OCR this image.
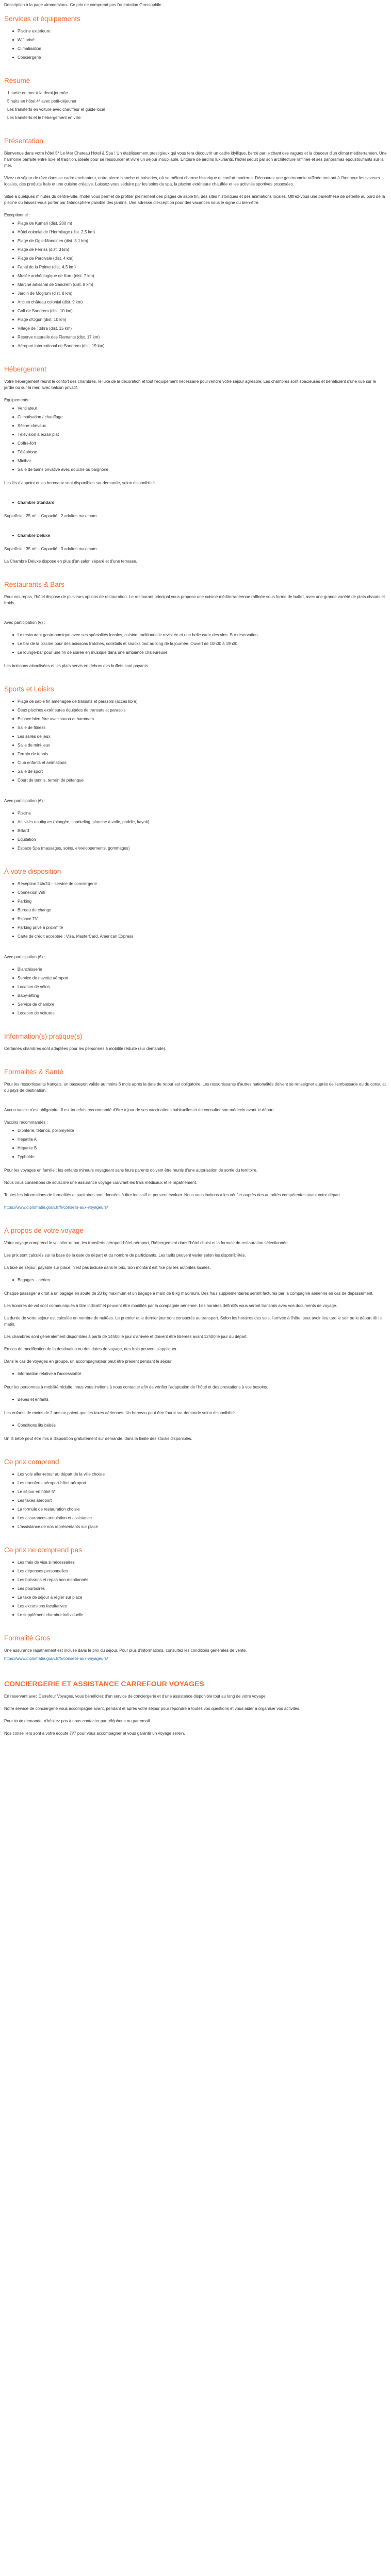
Description à la page «immersion». Ce prix ne comprend pas l'orientation Grossophile
Services et équipements
Piscine extérieure
Wifi privé
Climatisation
Conciergerie
Résumé
1 sortie en mer à la demi-journée
5 nuits en hôtel 4* avec petit-déjeuner
Les transferts en voiture avec chauffeur et guide local
Les transferts et le hébergement en ville
Présentation
Bienvenue dans votre hôtel 5* Le Mer Chateau Hotel & Spa ! Un établissement prestigieux qui vous fera découvrir un cadre idyllique, bercé par le chant des vagues et la douceur d'un climat méditerranéen. Une harmonie parfaite entre luxe et tradition, idéale pour se ressourcer et vivre un séjour inoubliable. Entouré de jardins luxuriants, l'hôtel séduit par son architecture raffinée et ses panoramas époustouflants sur la mer.
Vivez un séjour de rêve dans ce cadre enchanteur, entre pierre blanche et boiseries, où se mêlent charme historique et confort moderne. Découvrez une gastronomie raffinée mettant à l'honneur les saveurs locales, des produits frais et une cuisine créative. Laissez-vous séduire par les soins du spa, la piscine extérieure chauffée et les activités sportives proposées.
Situé à quelques minutes du centre-ville, l'hôtel vous permet de profiter pleinement des plages de sable fin, des sites historiques et des animations locales. Offrez-vous une parenthèse de détente au bord de la piscine ou laissez-vous porter par l'atmosphère paisible des jardins. Une adresse d'exception pour des vacances sous le signe du bien-être.
Exceptionnel :
Plage de Kumari (dist. 200 m)
Hôtel colonial de l'Hermitage (dist. 2,5 km)
Plage de Ogle-Mandinen (dist. 3,1 km)
Plage de Ferriss (dist. 3 km)
Plage de Percivale (dist. 4 km)
Fanal de la Pointe (dist. 4,5 km)
Musée archéologique de Kuru (dist. 7 km)
Marché artisanal de Sandrem (dist. 8 km)
Jardin de Mogrum (dist. 8 km)
Ancien château colonial (dist. 9 km)
Golf de Sandrem (dist. 10 km)
Plage d'Ogun (dist. 10 km)
Village de Tzikra (dist. 15 km)
Réserve naturelle des Flamants (dist. 17 km)
Aéroport international de Sandrem (dist. 19 km)
Hébergement
Votre hébergement réunit le confort des chambres, le luxe de la décoration et tout l'équipement nécessaire pour rendre votre séjour agréable. Les chambres sont spacieuses et bénéficient d'une vue sur le jardin ou sur la mer, avec balcon privatif.
Équipements :
Ventilateur
Climatisation / chauffage
Sèche-cheveux
Télévision à écran plat
Coffre-fort
Téléphone
Minibar
Salle de bains privative avec douche ou baignoire
Les lits d'appoint et les berceaux sont disponibles sur demande, selon disponibilité.
Chambre Standard
Superficie : 25 m² – Capacité : 2 adultes maximum
Chambre Deluxe
Superficie : 35 m² – Capacité : 3 adultes maximum
La Chambre Deluxe dispose en plus d'un salon séparé et d'une terrasse.
Restaurants & Bars
Pour vos repas, l'hôtel dispose de plusieurs options de restauration. Le restaurant principal vous propose une cuisine méditerranéenne raffinée sous forme de buffet, avec une grande variété de plats chauds et froids.
Avec participation (€) :
Le restaurant gastronomique avec ses spécialités locales, cuisine traditionnelle revisitée et une belle carte des vins. Sur réservation.
Le bar de la piscine pour des boissons fraîches, cocktails et snacks tout au long de la journée. Ouvert de 10h00 à 19h00.
Le lounge-bar pour une fin de soirée en musique dans une ambiance chaleureuse.
Les boissons alcoolisées et les plats servis en dehors des buffets sont payants.
Sports et Loisirs
Plage de sable fin aménagée de transats et parasols (accès libre)
Deux piscines extérieures équipées de transats et parasols
Espace bien-être avec sauna et hammam
Salle de fitness
Les salles de jeux
Salle de mini-jeux
Terrain de tennis
Club enfants et animations
Salle de sport
Court de tennis, terrain de pétanque
Avec participation (€) :
Piscine
Activités nautiques (plongée, snorkeling, planche à voile, paddle, kayak)
Billard
Équitation
Espace Spa (massages, soins, enveloppements, gommages)
À votre disposition
Réception 24h/24 – service de conciergerie
Connexion Wifi
Parking
Bureau de change
Espace TV
Parking privé à proximité
Carte de crédit acceptée : Visa, MasterCard, American Express
Avec participation (€) :
Blanchisserie
Service de navette aéroport
Location de vélos
Baby-sitting
Service de chambre
Location de voitures
Information(s) pratique(s)
Certaines chambres sont adaptées pour les personnes à mobilité réduite (sur demande).
Formalités & Santé
Pour les ressortissants français, un passeport valide au moins 6 mois après la date de retour est obligatoire. Les ressortissants d'autres nationalités doivent se renseigner auprès de l'ambassade ou du consulat du pays de destination.
Aucun vaccin n'est obligatoire. Il est toutefois recommandé d'être à jour de ses vaccinations habituelles et de consulter son médecin avant le départ.
Vaccins recommandés :
Diphtérie, tétanos, poliomyélite
Hépatite A
Hépatite B
Typhoïde
Pour les voyages en famille : les enfants mineurs voyageant sans leurs parents doivent être munis d'une autorisation de sortie du territoire.
Nous vous conseillons de souscrire une assurance voyage couvrant les frais médicaux et le rapatriement.
Toutes les informations de formalités et sanitaires sont données à titre indicatif et peuvent évoluer. Nous vous invitons à les vérifier auprès des autorités compétentes avant votre départ.
https://www.diplomatie.gouv.fr/fr/conseils-aux-voyageurs/
À propos de votre voyage
Votre voyage comprend le vol aller-retour, les transferts aéroport-hôtel-aéroport, l'hébergement dans l'hôtel choisi et la formule de restauration sélectionnée.
Les prix sont calculés sur la base de la date de départ et du nombre de participants. Les tarifs peuvent varier selon les disponibilités.
La taxe de séjour, payable sur place, n'est pas incluse dans le prix. Son montant est fixé par les autorités locales.
Bagages – aérien
Chaque passager a droit à un bagage en soute de 20 kg maximum et un bagage à main de 8 kg maximum. Des frais supplémentaires seront facturés par la compagnie aérienne en cas de dépassement.
Les horaires de vol sont communiqués à titre indicatif et peuvent être modifiés par la compagnie aérienne. Les horaires définitifs vous seront transmis avec vos documents de voyage.
La durée de votre séjour est calculée en nombre de nuitées. Le premier et le dernier jour sont consacrés au transport. Selon les horaires des vols, l'arrivée à l'hôtel peut avoir lieu tard le soir ou le départ tôt le matin.
Les chambres sont généralement disponibles à partir de 14h00 le jour d'arrivée et doivent être libérées avant 12h00 le jour du départ.
En cas de modification de la destination ou des dates de voyage, des frais peuvent s'appliquer.
Dans le cas de voyages en groupe, un accompagnateur peut être présent pendant le séjour.
Information relative à l'accessibilité
Pour les personnes à mobilité réduite, nous vous invitons à nous contacter afin de vérifier l'adaptation de l'hôtel et des prestations à vos besoins.
Bébés et enfants
Les enfants de moins de 2 ans ne paient que les taxes aériennes. Un berceau peut être fourni sur demande selon disponibilité.
Conditions lits bébés
Un lit bébé peut être mis à disposition gratuitement sur demande, dans la limite des stocks disponibles.
Ce prix comprend
Les vols aller-retour au départ de la ville choisie
Les transferts aéroport-hôtel-aéroport
Le séjour en hôtel 5*
Les taxes aéroport
La formule de restauration choisie
Les assurances annulation et assistance
L'assistance de nos représentants sur place
Ce prix ne comprend pas
Les frais de visa si nécessaires
Les dépenses personnelles
Les boissons et repas non mentionnés
Les pourboires
La taxe de séjour à régler sur place
Les excursions facultatives
Le supplément chambre individuelle
Formalité Gros
Une assurance rapatriement est incluse dans le prix du séjour. Pour plus d'informations, consultez les conditions générales de vente.
https://www.diplomatie.gouv.fr/fr/conseils-aux-voyageurs/
CONCIERGERIE ET ASSISTANCE CARREFOUR VOYAGES
En réservant avec Carrefour Voyages, vous bénéficiez d'un service de conciergerie et d'une assistance disponible tout au long de votre voyage.
Notre service de conciergerie vous accompagne avant, pendant et après votre séjour pour répondre à toutes vos questions et vous aider à organiser vos activités.
Pour toute demande, n'hésitez pas à nous contacter par téléphone ou par email.
Nos conseillers sont à votre écoute 7j/7 pour vous accompagner et vous garantir un voyage serein.
